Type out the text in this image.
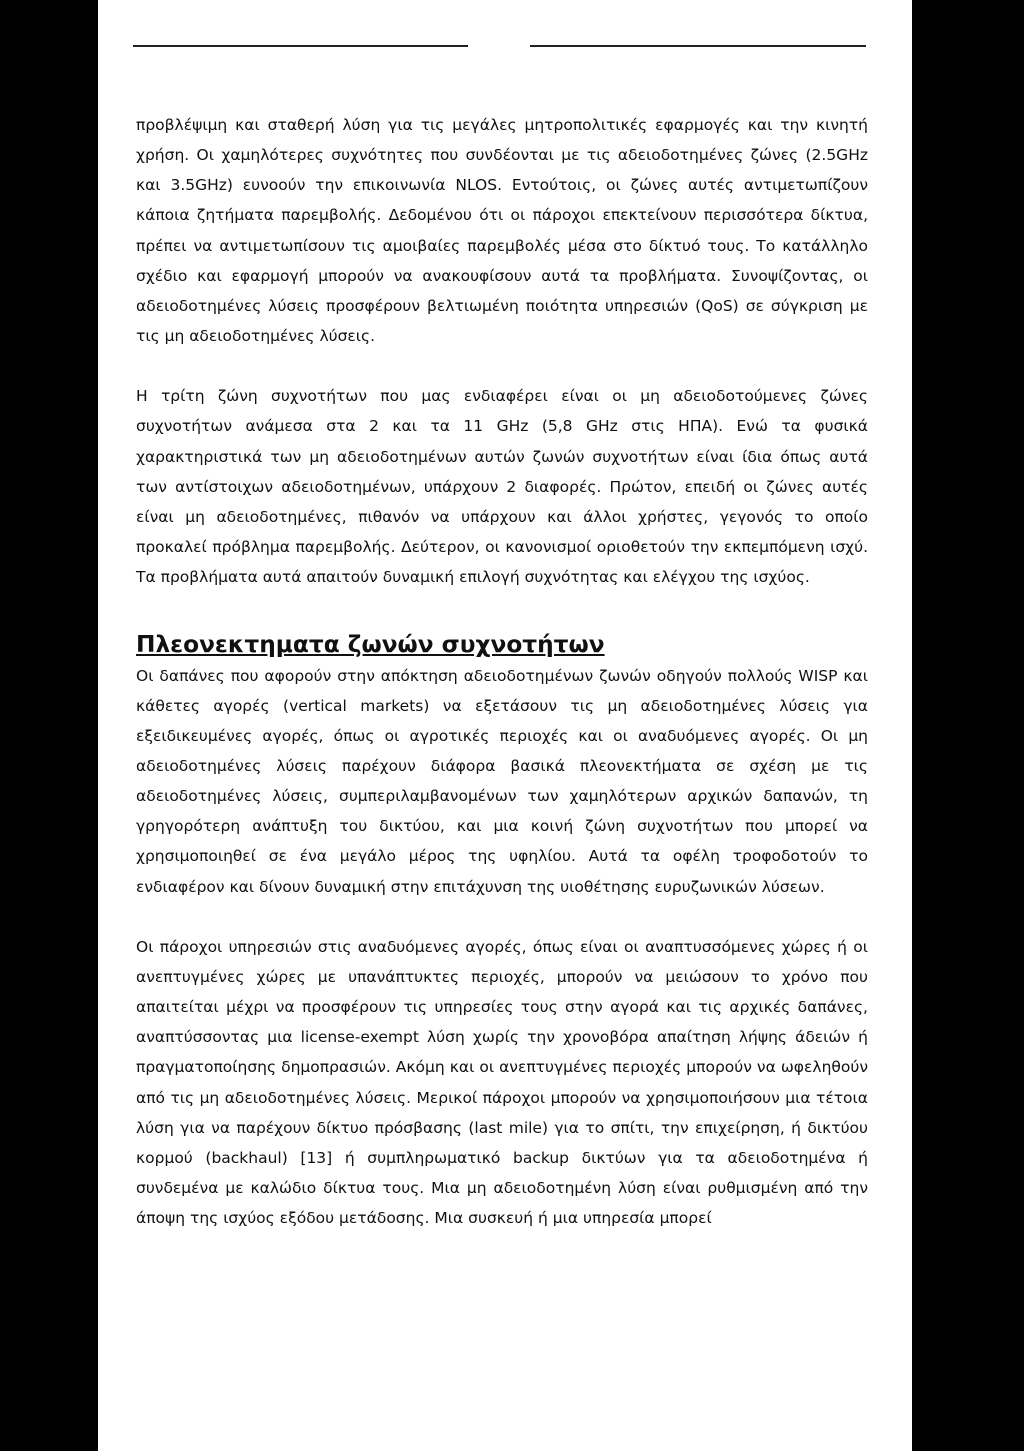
προβλέψιμη και σταθερή λύση για τις μεγάλες μητροπολιτικές εφαρμογές και την κινητή χρήση. Οι χαμηλότερες συχνότητες που συνδέονται με τις αδειοδοτημένες ζώνες (2.5GHz και 3.5GHz) ευνοούν την επικοινωνία NLOS. Εντούτοις, οι ζώνες αυτές αντιμετωπίζουν κάποια ζητήματα παρεμβολής. Δεδομένου ότι οι πάροχοι επεκτείνουν περισσότερα δίκτυα, πρέπει να αντιμετωπίσουν τις αμοιβαίες παρεμβολές μέσα στο δίκτυό τους. Το κατάλληλο σχέδιο και εφαρμογή μπορούν να ανακουφίσουν αυτά τα προβλήματα. Συνοψίζοντας, οι αδειοδοτημένες λύσεις προσφέρουν βελτιωμένη ποιότητα υπηρεσιών (QoS) σε σύγκριση με τις μη αδειοδοτημένες λύσεις.

Η τρίτη ζώνη συχνοτήτων που μας ενδιαφέρει είναι οι μη αδειοδοτούμενες ζώνες συχνοτήτων ανάμεσα στα 2 και τα 11 GHz (5,8 GHz στις ΗΠΑ). Ενώ τα φυσικά χαρακτηριστικά των μη αδειοδοτημένων αυτών ζωνών συχνοτήτων είναι ίδια όπως αυτά των αντίστοιχων αδειοδοτημένων, υπάρχουν 2 διαφορές. Πρώτον, επειδή οι ζώνες αυτές είναι μη αδειοδοτημένες, πιθανόν να υπάρχουν και άλλοι χρήστες, γεγονός το οποίο προκαλεί πρόβλημα παρεμβολής. Δεύτερον, οι κανονισμοί οριοθετούν την εκπεμπόμενη ισχύ. Τα προβλήματα αυτά απαιτούν δυναμική επιλογή συχνότητας και ελέγχου της ισχύος.

Πλεονεκτηματα ζωνών συχνοτήτων

Οι δαπάνες που αφορούν στην απόκτηση αδειοδοτημένων ζωνών οδηγούν πολλούς WISP και κάθετες αγορές (vertical markets) να εξετάσουν τις μη αδειοδοτημένες λύσεις για εξειδικευμένες αγορές, όπως οι αγροτικές περιοχές και οι αναδυόμενες αγορές. Οι μη αδειοδοτημένες λύσεις παρέχουν διάφορα βασικά πλεονεκτήματα σε σχέση με τις αδειοδοτημένες λύσεις, συμπεριλαμβανομένων των χαμηλότερων αρχικών δαπανών, τη γρηγορότερη ανάπτυξη του δικτύου, και μια κοινή ζώνη συχνοτήτων που μπορεί να χρησιμοποιηθεί σε ένα μεγάλο μέρος της υφηλίου. Αυτά τα οφέλη τροφοδοτούν το ενδιαφέρον και δίνουν δυναμική στην επιτάχυνση της υιοθέτησης ευρυζωνικών λύσεων.

Οι πάροχοι υπηρεσιών στις αναδυόμενες αγορές, όπως είναι οι αναπτυσσόμενες χώρες ή οι ανεπτυγμένες χώρες με υπανάπτυκτες περιοχές, μπορούν να μειώσουν το χρόνο που απαιτείται μέχρι να προσφέρουν τις υπηρεσίες τους στην αγορά και τις αρχικές δαπάνες, αναπτύσσοντας μια license-exempt λύση χωρίς την χρονοβόρα απαίτηση λήψης άδειών ή πραγματοποίησης δημοπρασιών. Ακόμη και οι ανεπτυγμένες περιοχές μπορούν να ωφεληθούν από τις μη αδειοδοτημένες λύσεις. Μερικοί πάροχοι μπορούν να χρησιμοποιήσουν μια τέτοια λύση για να παρέχουν δίκτυο πρόσβασης (last mile) για το σπίτι, την επιχείρηση, ή δικτύου κορμού (backhaul) [13] ή συμπληρωματικό backup δικτύων για τα αδειοδοτημένα ή συνδεμένα με καλώδιο δίκτυα τους. Μια μη αδειοδοτημένη λύση είναι ρυθμισμένη από την άποψη της ισχύος εξόδου μετάδοσης. Μια συσκευή ή μια υπηρεσία μπορεί
